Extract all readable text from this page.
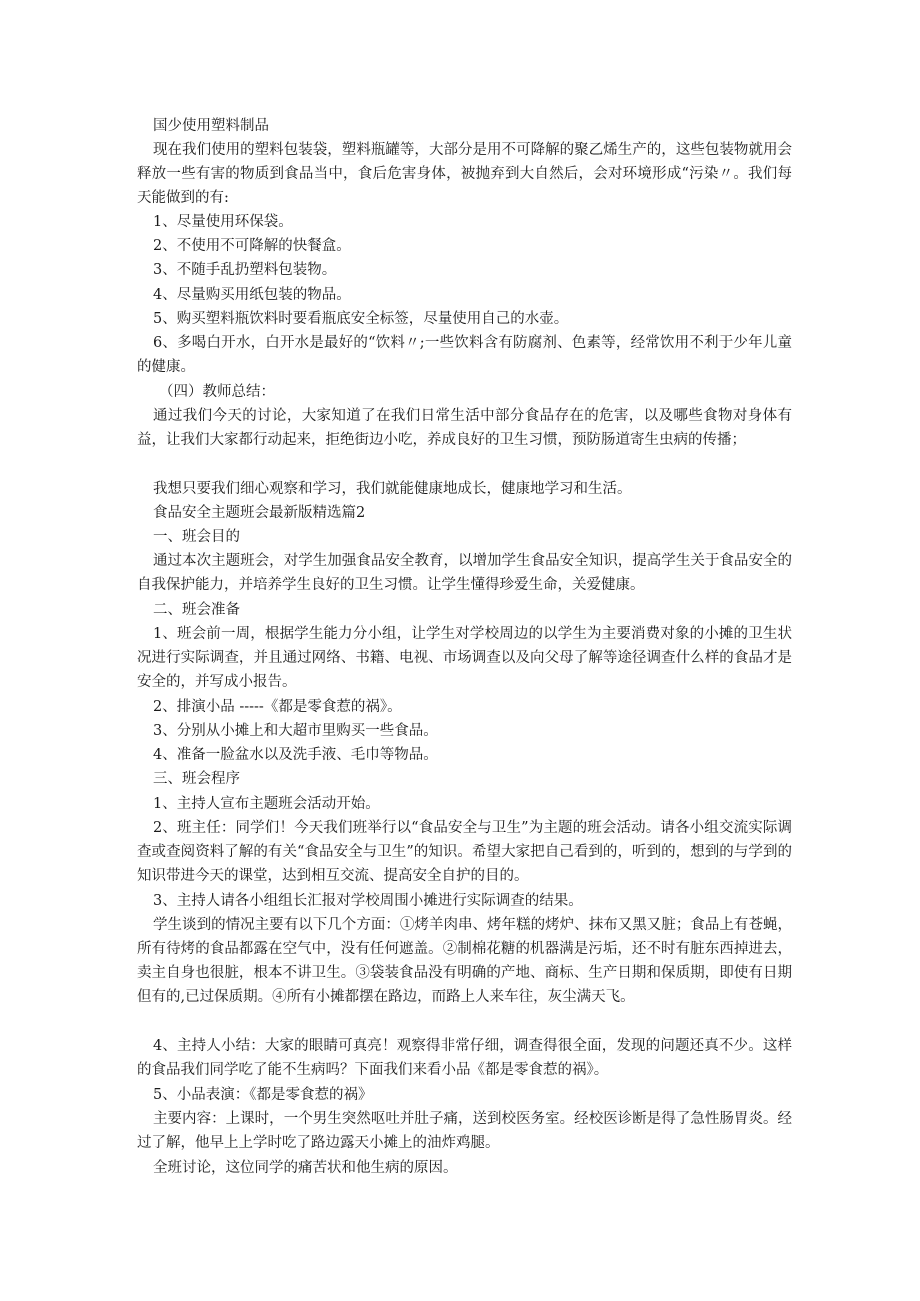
国少使用塑料制品

现在我们使用的塑料包装袋，塑料瓶罐等，大部分是用不可降解的聚乙烯生产的，这些包装物就用会释放一些有害的物质到食品当中，食后危害身体，被抛弃到大自然后，会对环境形成“污染〃。我们每天能做到的有:

1、尽量使用环保袋。

2、不使用不可降解的快餐盒。

3、不随手乱扔塑料包装物。

4、尽量购买用纸包装的物品。

5、购买塑料瓶饮料时要看瓶底安全标签，尽量使用自己的水壶。

6、多喝白开水，白开水是最好的“饮料〃;一些饮料含有防腐剂、色素等，经常饮用不利于少年儿童的健康。

（四）教师总结：

通过我们今天的讨论，大家知道了在我们日常生活中部分食品存在的危害，以及哪些食物对身体有益，让我们大家都行动起来，拒绝街边小吃，养成良好的卫生习惯，预防肠道寄生虫病的传播；

我想只要我们细心观察和学习，我们就能健康地成长，健康地学习和生活。

食品安全主题班会最新版精选篇2

一、班会目的

通过本次主题班会，对学生加强食品安全教育，以增加学生食品安全知识，提高学生关于食品安全的自我保护能力，并培养学生良好的卫生习惯。让学生懂得珍爱生命，关爱健康。

二、班会准备

1、班会前一周，根据学生能力分小组，让学生对学校周边的以学生为主要消费对象的小摊的卫生状况进行实际调查，并且通过网络、书籍、电视、市场调查以及向父母了解等途径调查什么样的食品才是安全的，并写成小报告。

2、排演小品 -----《都是零食惹的祸》。

3、分别从小摊上和大超市里购买一些食品。

4、准备一脸盆水以及洗手液、毛巾等物品。

三、班会程序

1、主持人宣布主题班会活动开始。

2、班主任：同学们！今天我们班举行以“食品安全与卫生”为主题的班会活动。请各小组交流实际调查或查阅资料了解的有关“食品安全与卫生”的知识。希望大家把自己看到的，听到的，想到的与学到的知识带进今天的课堂，达到相互交流、提高安全自护的目的。

3、主持人请各小组组长汇报对学校周围小摊进行实际调查的结果。

学生谈到的情况主要有以下几个方面：①烤羊肉串、烤年糕的烤炉、抹布又黑又脏；食品上有苍蝇，所有待烤的食品都露在空气中，没有任何遮盖。②制棉花糖的机器满是污垢，还不时有脏东西掉进去，卖主自身也很脏，根本不讲卫生。③袋装食品没有明确的产地、商标、生产日期和保质期，即使有日期但有的,已过保质期。④所有小摊都摆在路边，而路上人来车往，灰尘满天飞。

4、主持人小结：大家的眼睛可真亮！观察得非常仔细，调查得很全面，发现的问题还真不少。这样的食品我们同学吃了能不生病吗？下面我们来看小品《都是零食惹的祸》。

5、小品表演：《都是零食惹的祸》

主要内容：上课时，一个男生突然呕吐并肚子痛，送到校医务室。经校医诊断是得了急性肠胃炎。经过了解，他早上上学时吃了路边露天小摊上的油炸鸡腿。

全班讨论，这位同学的痛苦状和他生病的原因。
